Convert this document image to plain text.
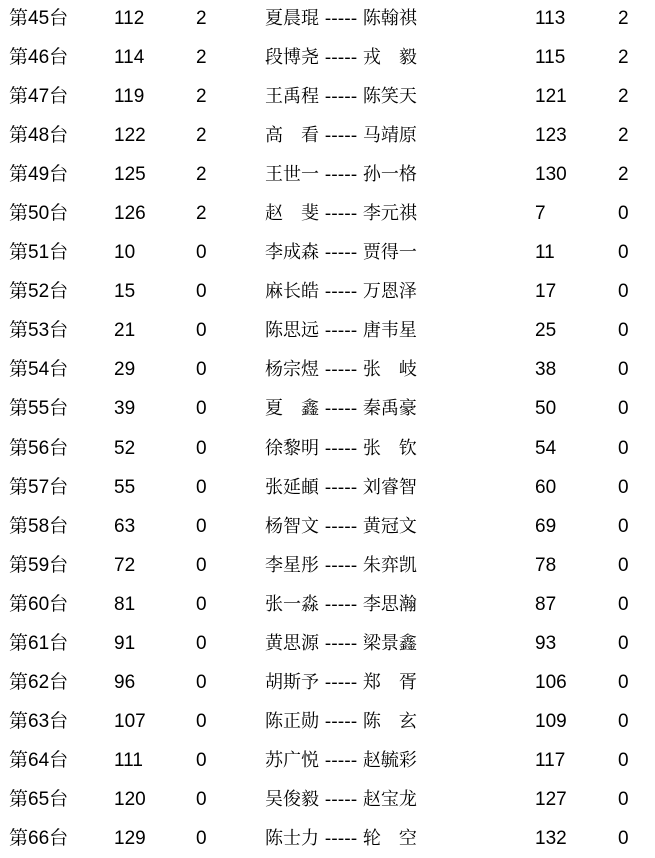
第45台 112	2	夏晨琨 ----- 陈翰祺	113	2
第46台 114	2	段博尧 ----- 戎　毅	115	2
第47台 119	2	王禹程 ----- 陈笑天	121	2
第48台 122	2	高　看 ----- 马靖原	123	2
第49台 125	2	王世一 ----- 孙一格	130	2
第50台 126	2	赵　斐 ----- 李元祺	7	0
第51台 10	0	李成森 ----- 贾得一	11	0
第52台 15	0	麻长皓 ----- 万恩泽	17	0
第53台 21	0	陈思远 ----- 唐韦星	25	0
第54台 29	0	杨宗煜 ----- 张　岐	38	0
第55台 39	0	夏　鑫 ----- 秦禹豪	50	0
第56台 52	0	徐黎明 ----- 张　钦	54	0
第57台 55	0	张延頔 ----- 刘睿智	60	0
第58台 63	0	杨智文 ----- 黄冠文	69	0
第59台 72	0	李星彤 ----- 朱弈凯	78	0
第60台 81	0	张一淼 ----- 李思瀚	87	0
第61台 91	0	黄思源 ----- 梁景鑫	93	0
第62台 96	0	胡斯予 ----- 郑　胥	106	0
第63台 107	0	陈正勋 ----- 陈　玄	109	0
第64台 111	0	苏广悦 ----- 赵毓彩	117	0
第65台 120	0	吴俊毅 ----- 赵宝龙	127	0
第66台 129	0	陈士力 ----- 轮　空	132	0
